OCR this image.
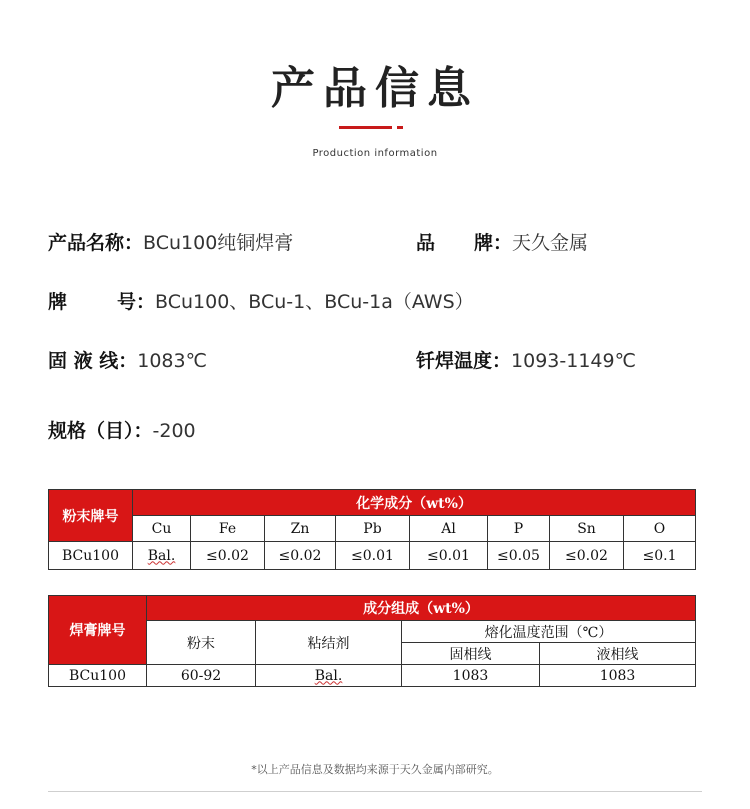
产品信息
Production information
产品名称：BCu100纯铜焊膏	品 牌：天久金属
牌	号：BCu100、BCu-1、BCu-1a（AWS）
固 液 线：1083℃	钎焊温度：1093-1149℃
规格（目）：-200
粉末牌号	化学成分（wt%）							
	Cu	Fe	Zn	Pb	Al	P	Sn	O
BCu100	Bal.	≤0.02	≤0.02	≤0.01	≤0.01	≤0.05	≤0.02	≤0.1
焊膏牌号	成分组成（wt%）			
	粉末	粘结剂	熔化温度范围（℃）	
			固相线	液相线
BCu100	60-92	Bal.	1083	1083
*以上产品信息及数据均来源于天久金属内部研究。
